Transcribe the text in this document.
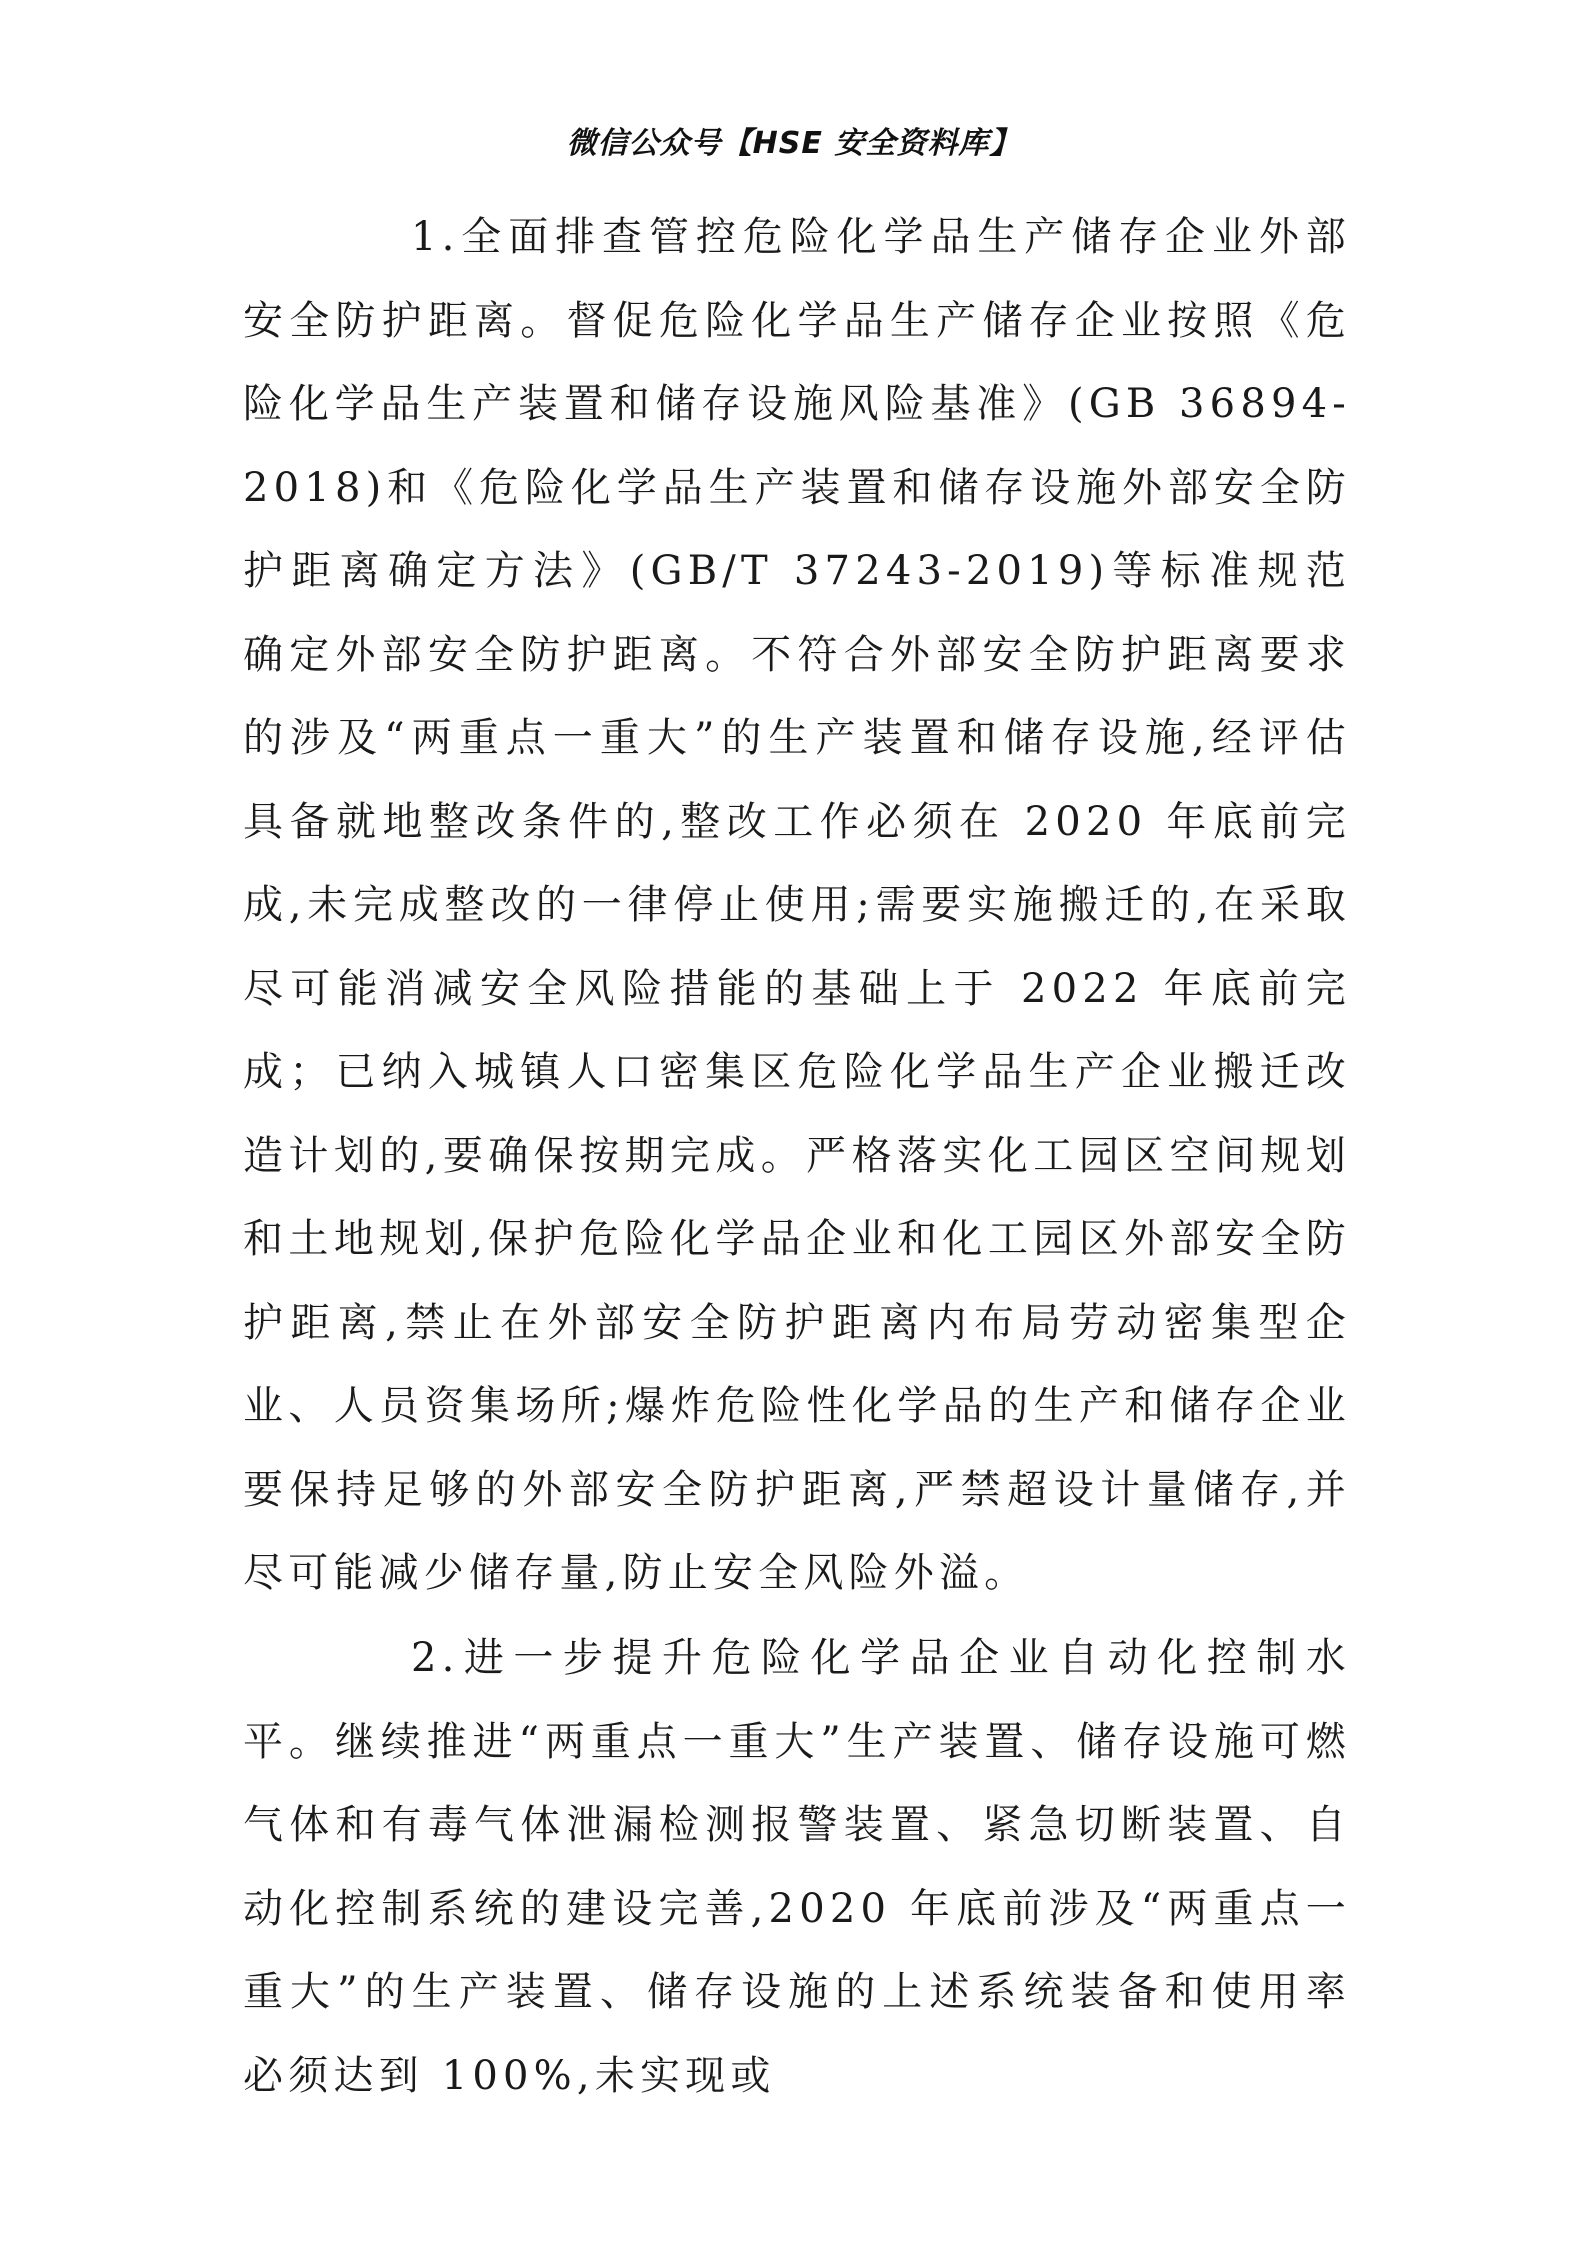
微信公众号【HSE 安全资料库】

1.全面排查管控危险化学品生产储存企业外部安全防护距离。督促危险化学品生产储存企业按照《危险化学品生产装置和储存设施风险基准》(GB 36894-2018)和《危险化学品生产装置和储存设施外部安全防护距离确定方法》(GB/T 37243-2019)等标准规范确定外部安全防护距离。不符合外部安全防护距离要求的涉及“两重点一重大”的生产装置和储存设施,经评估具备就地整改条件的,整改工作必须在 2020 年底前完成,未完成整改的一律停止使用;需要实施搬迁的,在采取尽可能消减安全风险措能的基础上于 2022 年底前完成；已纳入城镇人口密集区危险化学品生产企业搬迁改造计划的,要确保按期完成。严格落实化工园区空间规划和土地规划,保护危险化学品企业和化工园区外部安全防护距离,禁止在外部安全防护距离内布局劳动密集型企业、人员资集场所;爆炸危险性化学品的生产和储存企业要保持足够的外部安全防护距离,严禁超设计量储存,并尽可能减少储存量,防止安全风险外溢。

2.进一步提升危险化学品企业自动化控制水平。继续推进“两重点一重大”生产装置、储存设施可燃气体和有毒气体泄漏检测报警装置、紧急切断装置、自动化控制系统的建设完善,2020 年底前涉及“两重点一重大”的生产装置、储存设施的上述系统装备和使用率必须达到 100%,未实现或
